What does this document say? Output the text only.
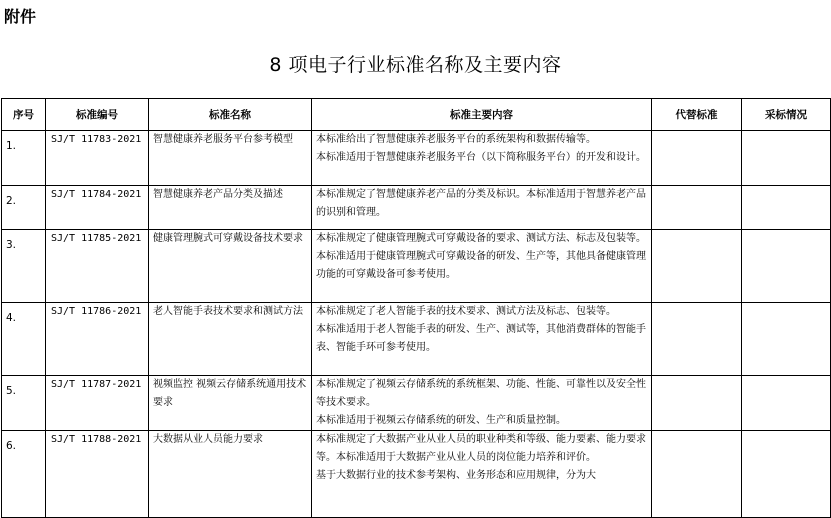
附件
8 项电子行业标准名称及主要内容
序号	标准编号	标准名称	标准主要内容	代替标准	采标情况
1.	SJ/T 11783-2021	智慧健康养老服务平台参考模型	本标准给出了智慧健康养老服务平台的系统架构和数据传输等。

本标准适用于智慧健康养老服务平台（以下简称服务平台）的开发和设计。		

2.	SJ/T 11784-2021	智慧健康养老产品分类及描述	本标准规定了智慧健康养老产品的分类及标识。本标准适用于智慧养老产品的识别和管理。		

3.	SJ/T 11785-2021	健康管理腕式可穿戴设备技术要求	本标准规定了健康管理腕式可穿戴设备的要求、测试方法、标志及包装等。

本标准适用于健康管理腕式可穿戴设备的研发、生产等，其他具备健康管理功能的可穿戴设备可参考使用。		

4.	SJ/T 11786-2021	老人智能手表技术要求和测试方法	本标准规定了老人智能手表的技术要求、测试方法及标志、包装等。

本标准适用于老人智能手表的研发、生产、测试等，其他消费群体的智能手表、智能手环可参考使用。		

5.	SJ/T 11787-2021	视频监控 视频云存储系统通用技术要求	本标准规定了视频云存储系统的系统框架、功能、性能、可靠性以及安全性等技术要求。

本标准适用于视频云存储系统的研发、生产和质量控制。		

6.	SJ/T 11788-2021	大数据从业人员能力要求	本标准规定了大数据产业从业人员的职业种类和等级、能力要素、能力要求等。本标准适用于大数据产业从业人员的岗位能力培养和评价。

基于大数据行业的技术参考架构、业务形态和应用规律，分为大		
